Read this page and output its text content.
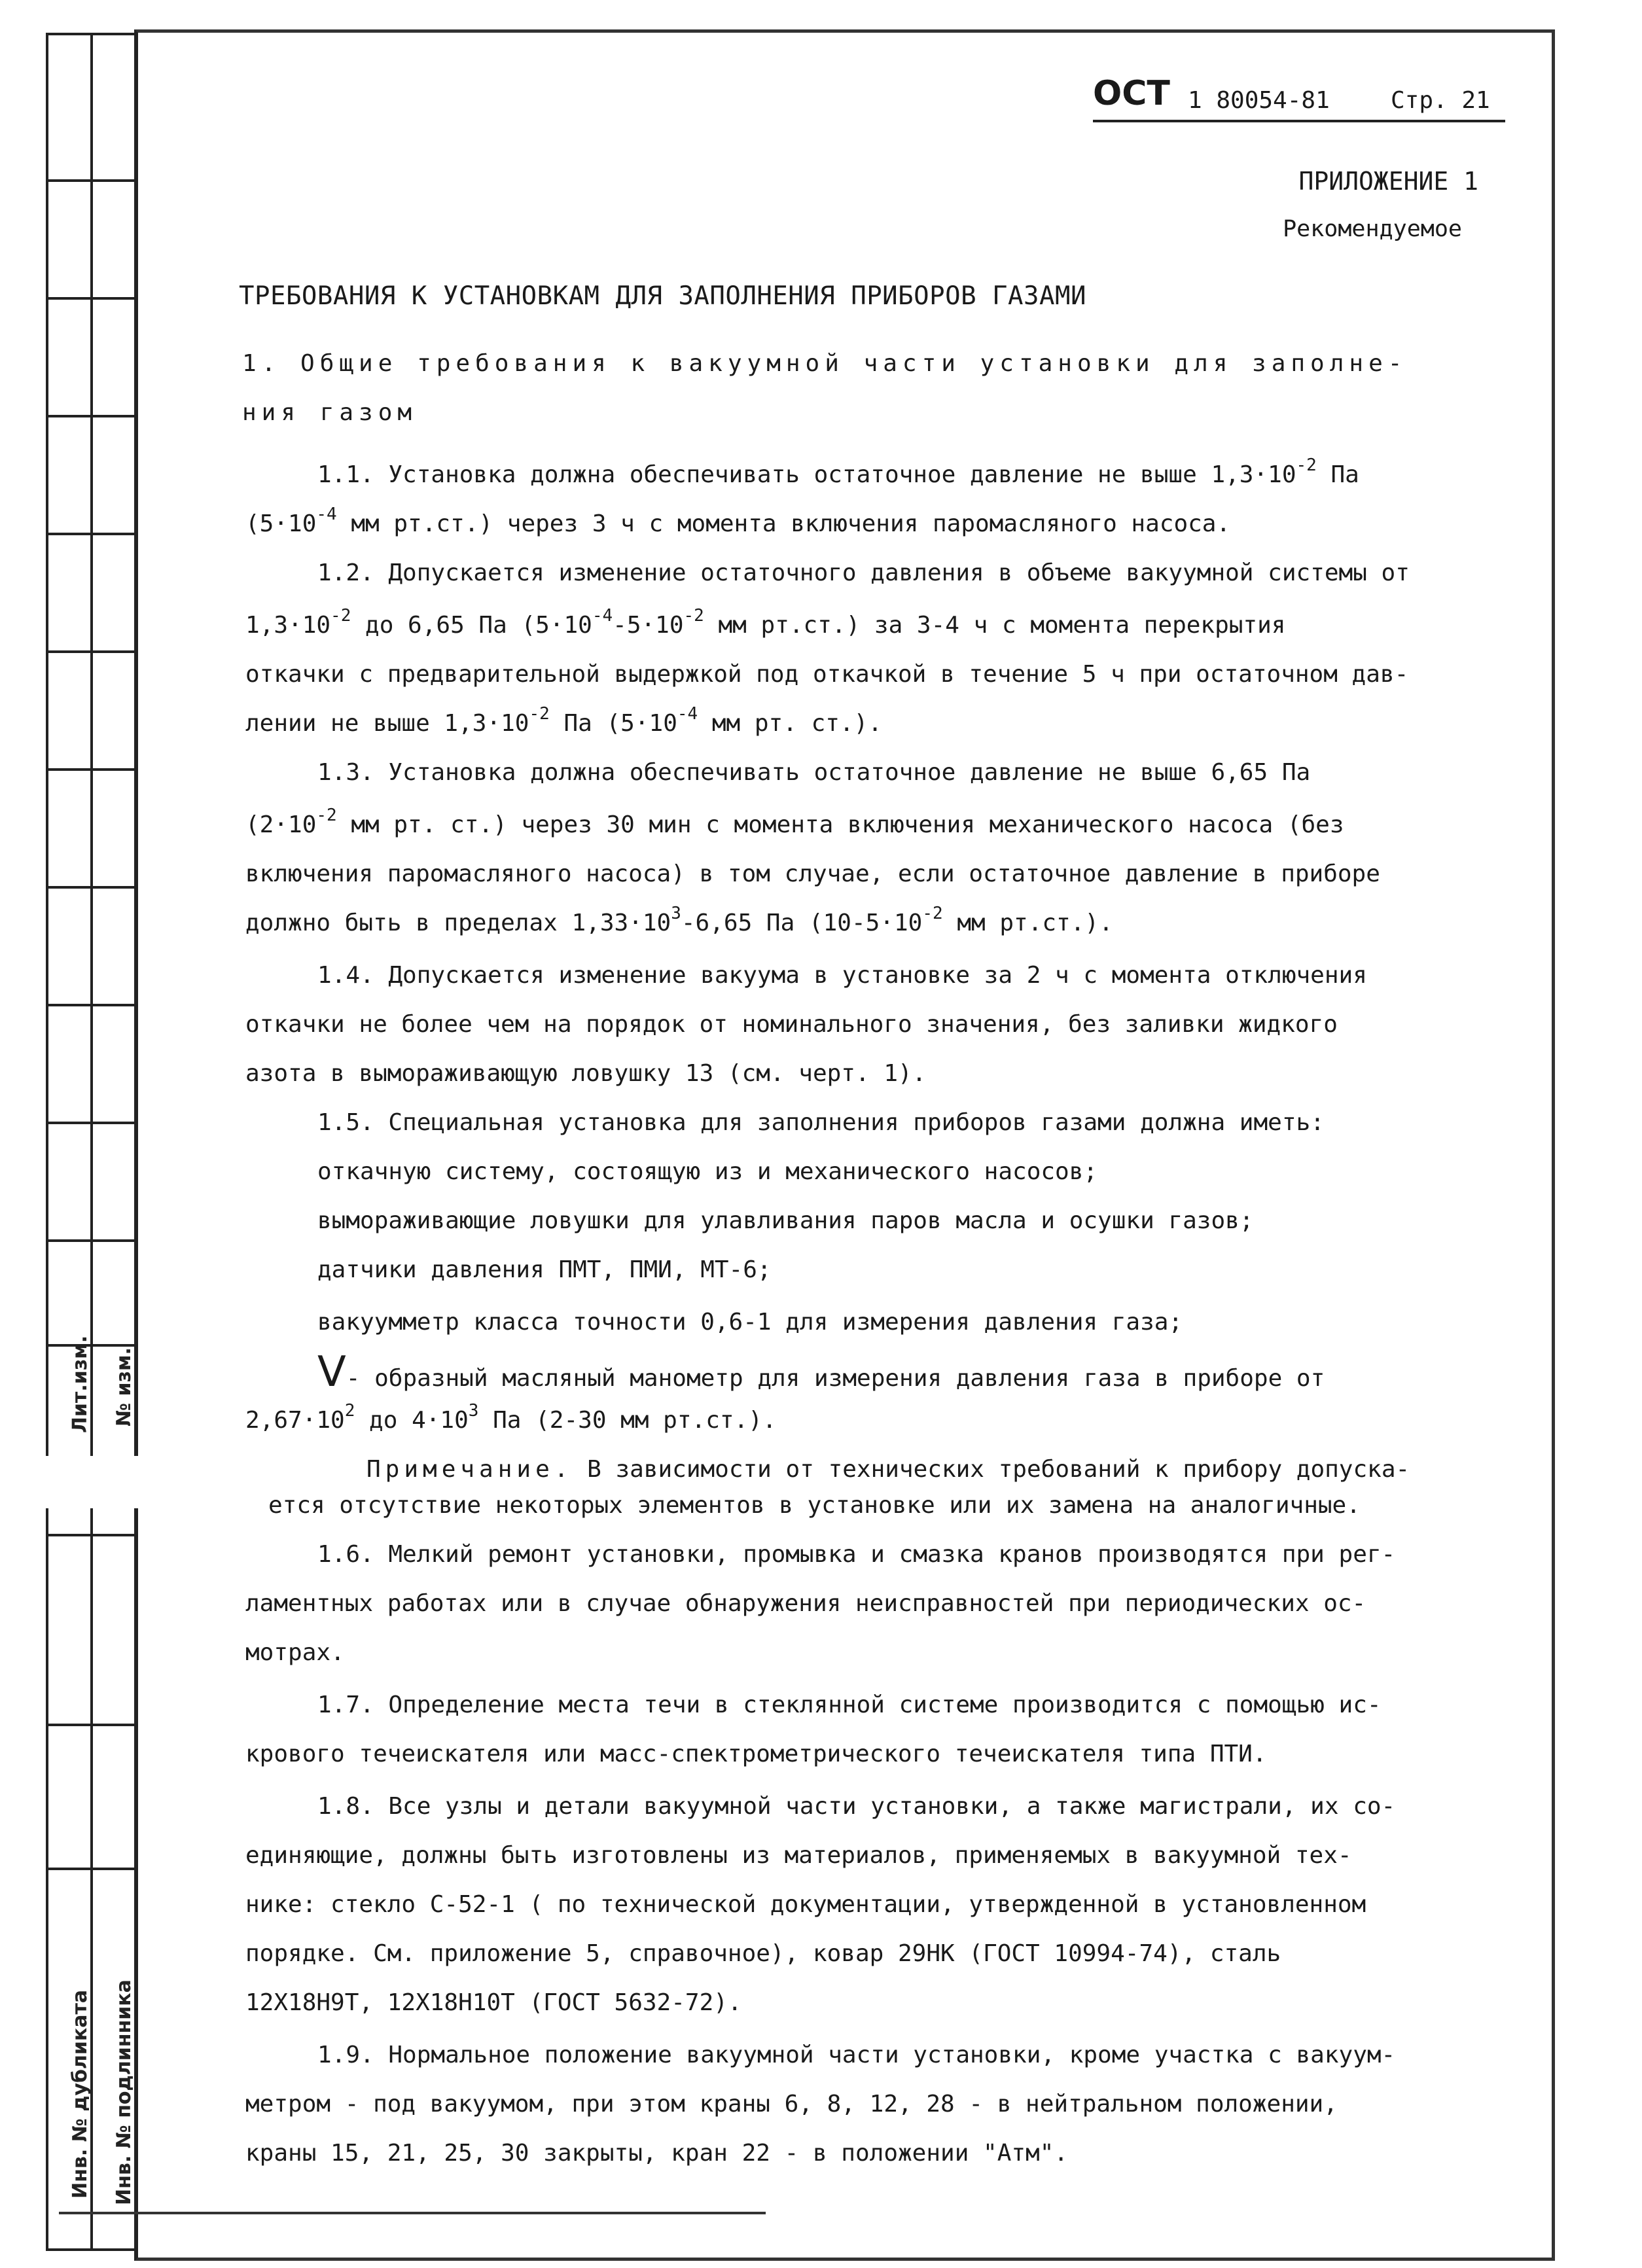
Лит.изм. № изм.
Инв. № дубликата Инв. № подлинника
ОСТ 1 80054-81	Стр. 21
ПРИЛОЖЕНИЕ 1
Рекомендуемое
ТРЕБОВАНИЯ К УСТАНОВКАМ ДЛЯ ЗАПОЛНЕНИЯ ПРИБОРОВ ГАЗАМИ
1. Общие требования к вакуумной части установки для заполне-
ния газом
1.1. Установка должна обеспечивать остаточное давление не выше $1,3\cdot 10^{-2}$ Па
($5\cdot 10^{-4}$ мм рт.ст.) через 3 ч с момента включения паромасляного насоса.
1.2. Допускается изменение остаточного давления в объеме вакуумной системы от
$1,3\cdot 10^{-2}$ до 6,65 Па ($5\cdot 10^{-4}-5\cdot 10^{-2}$ мм рт.ст.) за 3-4 ч с момента перекрытия
откачки с предварительной выдержкой под откачкой в течение 5 ч при остаточном дав-
лении не выше $1,3\cdot 10^{-2}$ Па ($5\cdot 10^{-4}$ мм рт. ст.).
1.3. Установка должна обеспечивать остаточное давление не выше 6,65 Па
($2\cdot 10^{-2}$ мм рт. ст.) через 30 мин с момента включения механического насоса (без
включения паромасляного насоса) в том случае, если остаточное давление в приборе
должно быть в пределах $1,33\cdot 10^3-6,65$ Па ($10-5\cdot 10^{-2}$ мм рт.ст.).
1.4. Допускается изменение вакуума в установке за 2 ч с момента отключения
откачки не более чем на порядок от номинального значения, без заливки жидкого
азота в вымораживающую ловушку 13 (см. черт. 1).
1.5. Специальная установка для заполнения приборов газами должна иметь:
откачную систему, состоящую из и механического насосов;
вымораживающие ловушки для улавливания паров масла и осушки газов;
датчики давления ПМТ, ПМИ, МТ-6;
вакуумметр класса точности 0,6-1 для измерения давления газа;
V- образный масляный манометр для измерения давления газа в приборе от
$2,67\cdot 10^2$ до $4\cdot 10^3$ Па (2-30 мм рт.ст.).
Примечание. В зависимости от технических требований к прибору допуска-
ется отсутствие некоторых элементов в установке или их замена на аналогичные.
1.6. Мелкий ремонт установки, промывка и смазка кранов производятся при рег-
ламентных работах или в случае обнаружения неисправностей при периодических ос-
мотрах.
1.7. Определение места течи в стеклянной системе производится с помощью ис-
крового течеискателя или масс-спектрометрического течеискателя типа ПТИ.
1.8. Все узлы и детали вакуумной части установки, а также магистрали, их со-
единяющие, должны быть изготовлены из материалов, применяемых в вакуумной тех-
нике: стекло С-52-1 ( по технической документации, утвержденной в установленном
порядке. См. приложение 5, справочное), ковар 29НК (ГОСТ 10994-74), сталь
12Х18Н9Т, 12Х18Н10Т (ГОСТ 5632-72).
1.9. Нормальное положение вакуумной части установки, кроме участка с вакуум-
метром - под вакуумом, при этом краны 6, 8, 12, 28 - в нейтральном положении,
краны 15, 21, 25, 30 закрыты, кран 22 - в положении "Атм".
